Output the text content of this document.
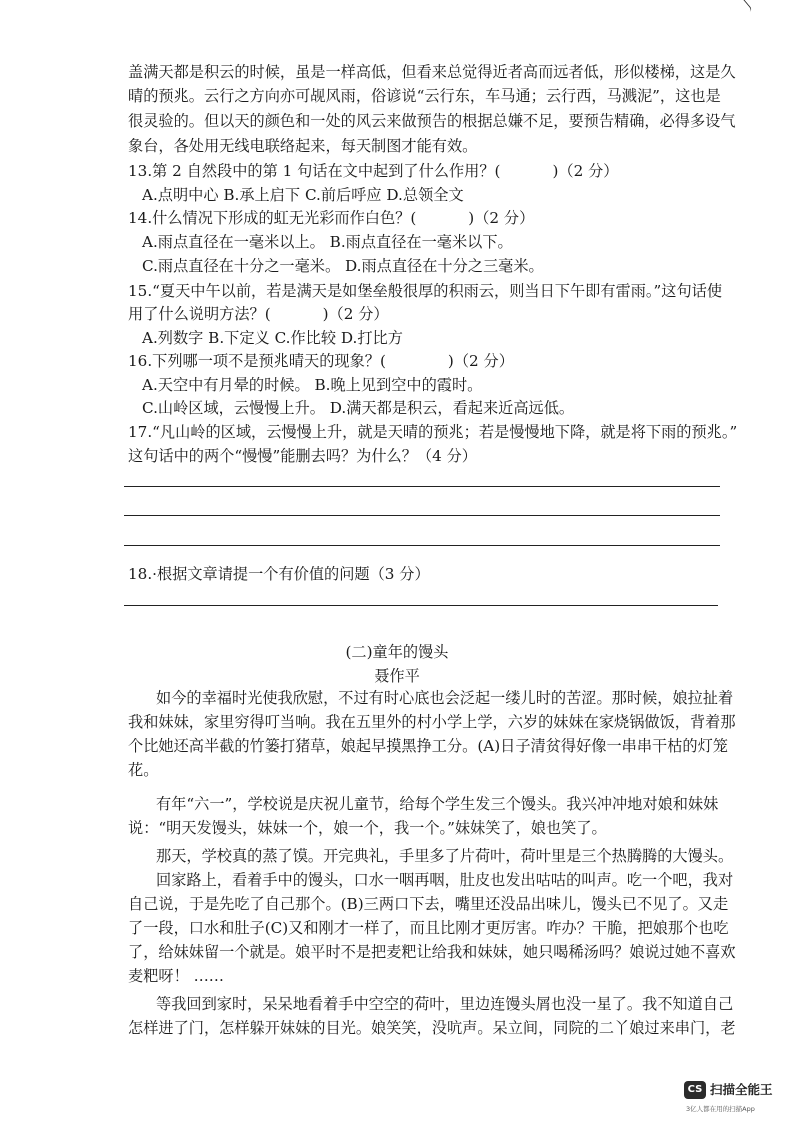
盖满天都是积云的时候，虽是一样高低，但看来总觉得近者高而远者低，形似楼梯，这是久
晴的预兆。云行之方向亦可觇风雨，俗谚说“云行东，车马通；云行西，马溅泥”，这也是
很灵验的。但以天的颜色和一处的风云来做预告的根据总嫌不足，要预告精确，必得多设气
象台，各处用无线电联络起来，每天制图才能有效。
13.第 2 自然段中的第 1 句话在文中起到了什么作用？(	)（2 分）
A.点明中心 B.承上启下 C.前后呼应 D.总领全文
14.什么情况下形成的虹无光彩而作白色？(	)（2 分）
A.雨点直径在一毫米以上。 B.雨点直径在一毫米以下。
C.雨点直径在十分之一毫米。 D.雨点直径在十分之三毫米。
15.“夏天中午以前，若是满天是如堡垒般很厚的积雨云，则当日下午即有雷雨。”这句话使
用了什么说明方法？(	)（2 分）
A.列数字 B.下定义 C.作比较 D.打比方
16.下列哪一项不是预兆晴天的现象？(	)（2 分）
A.天空中有月晕的时候。 B.晚上见到空中的霞时。
C.山岭区域，云慢慢上升。 D.满天都是积云，看起来近高远低。
17.“凡山岭的区域，云慢慢上升，就是天晴的预兆；若是慢慢地下降，就是将下雨的预兆。”
这句话中的两个“慢慢”能删去吗？为什么？（4 分）
18.·根据文章请提一个有价值的问题（3 分）
(二)童年的馒头
聂作平
如今的幸福时光使我欣慰，不过有时心底也会泛起一缕儿时的苦涩。那时候，娘拉扯着
我和妹妹，家里穷得叮当响。我在五里外的村小学上学，六岁的妹妹在家烧锅做饭，背着那
个比她还高半截的竹篓打猪草，娘起早摸黑挣工分。(A)日子清贫得好像一串串干枯的灯笼
花。
有年“六一”，学校说是庆祝儿童节，给每个学生发三个馒头。我兴冲冲地对娘和妹妹
说：“明天发馒头，妹妹一个，娘一个，我一个。”妹妹笑了，娘也笑了。
那天，学校真的蒸了馍。开完典礼，手里多了片荷叶，荷叶里是三个热腾腾的大馒头。
回家路上，看着手中的馒头，口水一咽再咽，肚皮也发出咕咕的叫声。吃一个吧，我对
自己说，于是先吃了自己那个。(B)三两口下去，嘴里还没品出味儿，馒头已不见了。又走
了一段，口水和肚子(C)又和刚才一样了，而且比刚才更厉害。咋办？干脆，把娘那个也吃
了，给妹妹留一个就是。娘平时不是把麦粑让给我和妹妹，她只喝稀汤吗？娘说过她不喜欢
麦粑呀！ ……
等我回到家时，呆呆地看着手中空空的荷叶，里边连馒头屑也没一星了。我不知道自己
怎样进了门，怎样躲开妹妹的目光。娘笑笑，没吭声。呆立间，同院的二丫娘过来串门，老
CS 扫描全能王
3亿人都在用的扫描App
